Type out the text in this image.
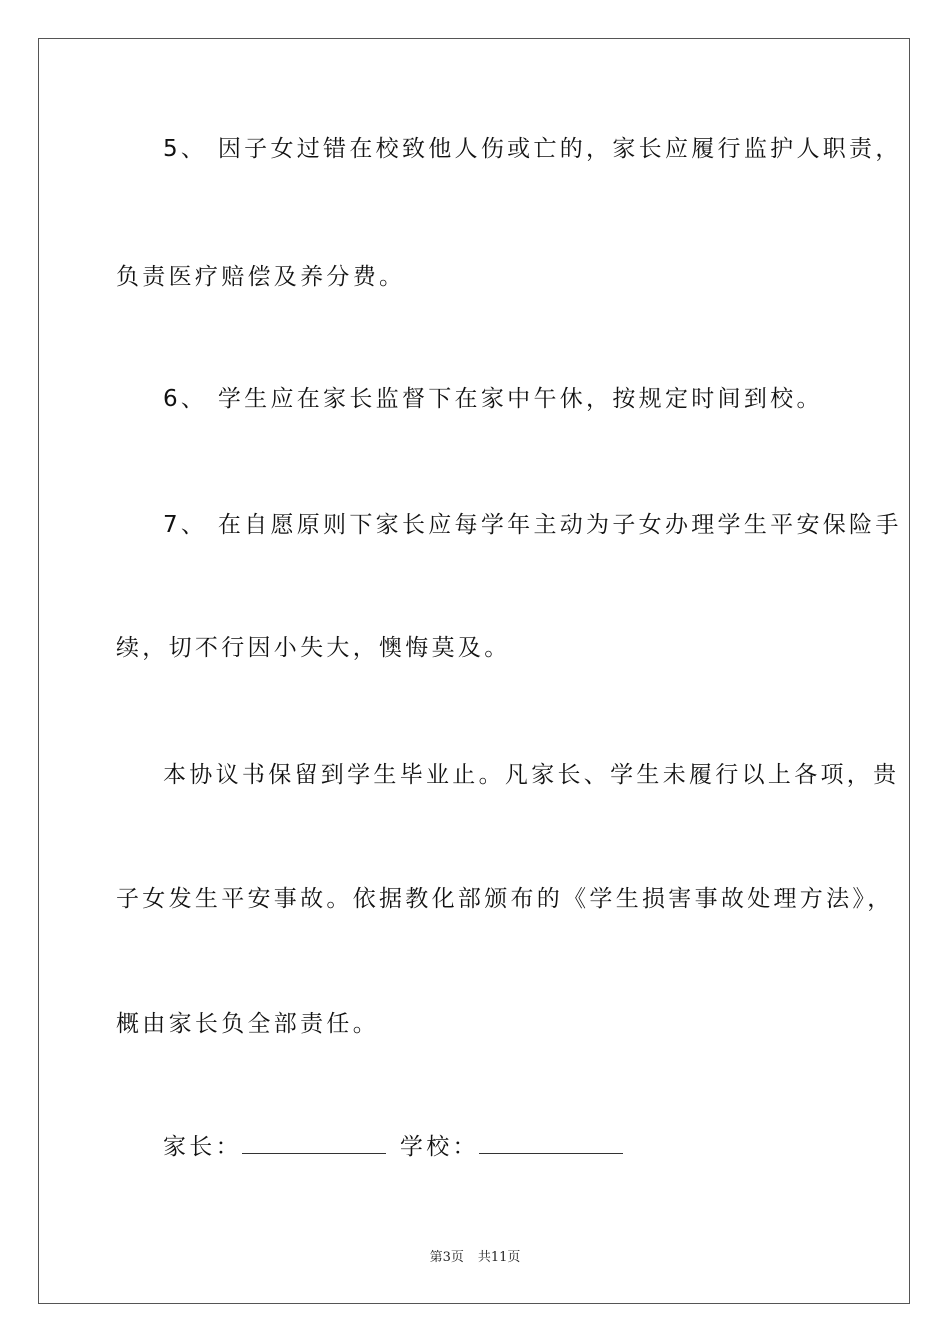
5、 因子女过错在校致他人伤或亡的，家长应履行监护人职责，
负责医疗赔偿及养分费。
6、 学生应在家长监督下在家中午休，按规定时间到校。
7、 在自愿原则下家长应每学年主动为子女办理学生平安保险手
续，切不行因小失大，懊悔莫及。
本协议书保留到学生毕业止。凡家长、学生未履行以上各项，贵
子女发生平安事故。依据教化部颁布的《学生损害事故处理方法》，
概由家长负全部责任。
家长：	学校：
第3页 共11页
